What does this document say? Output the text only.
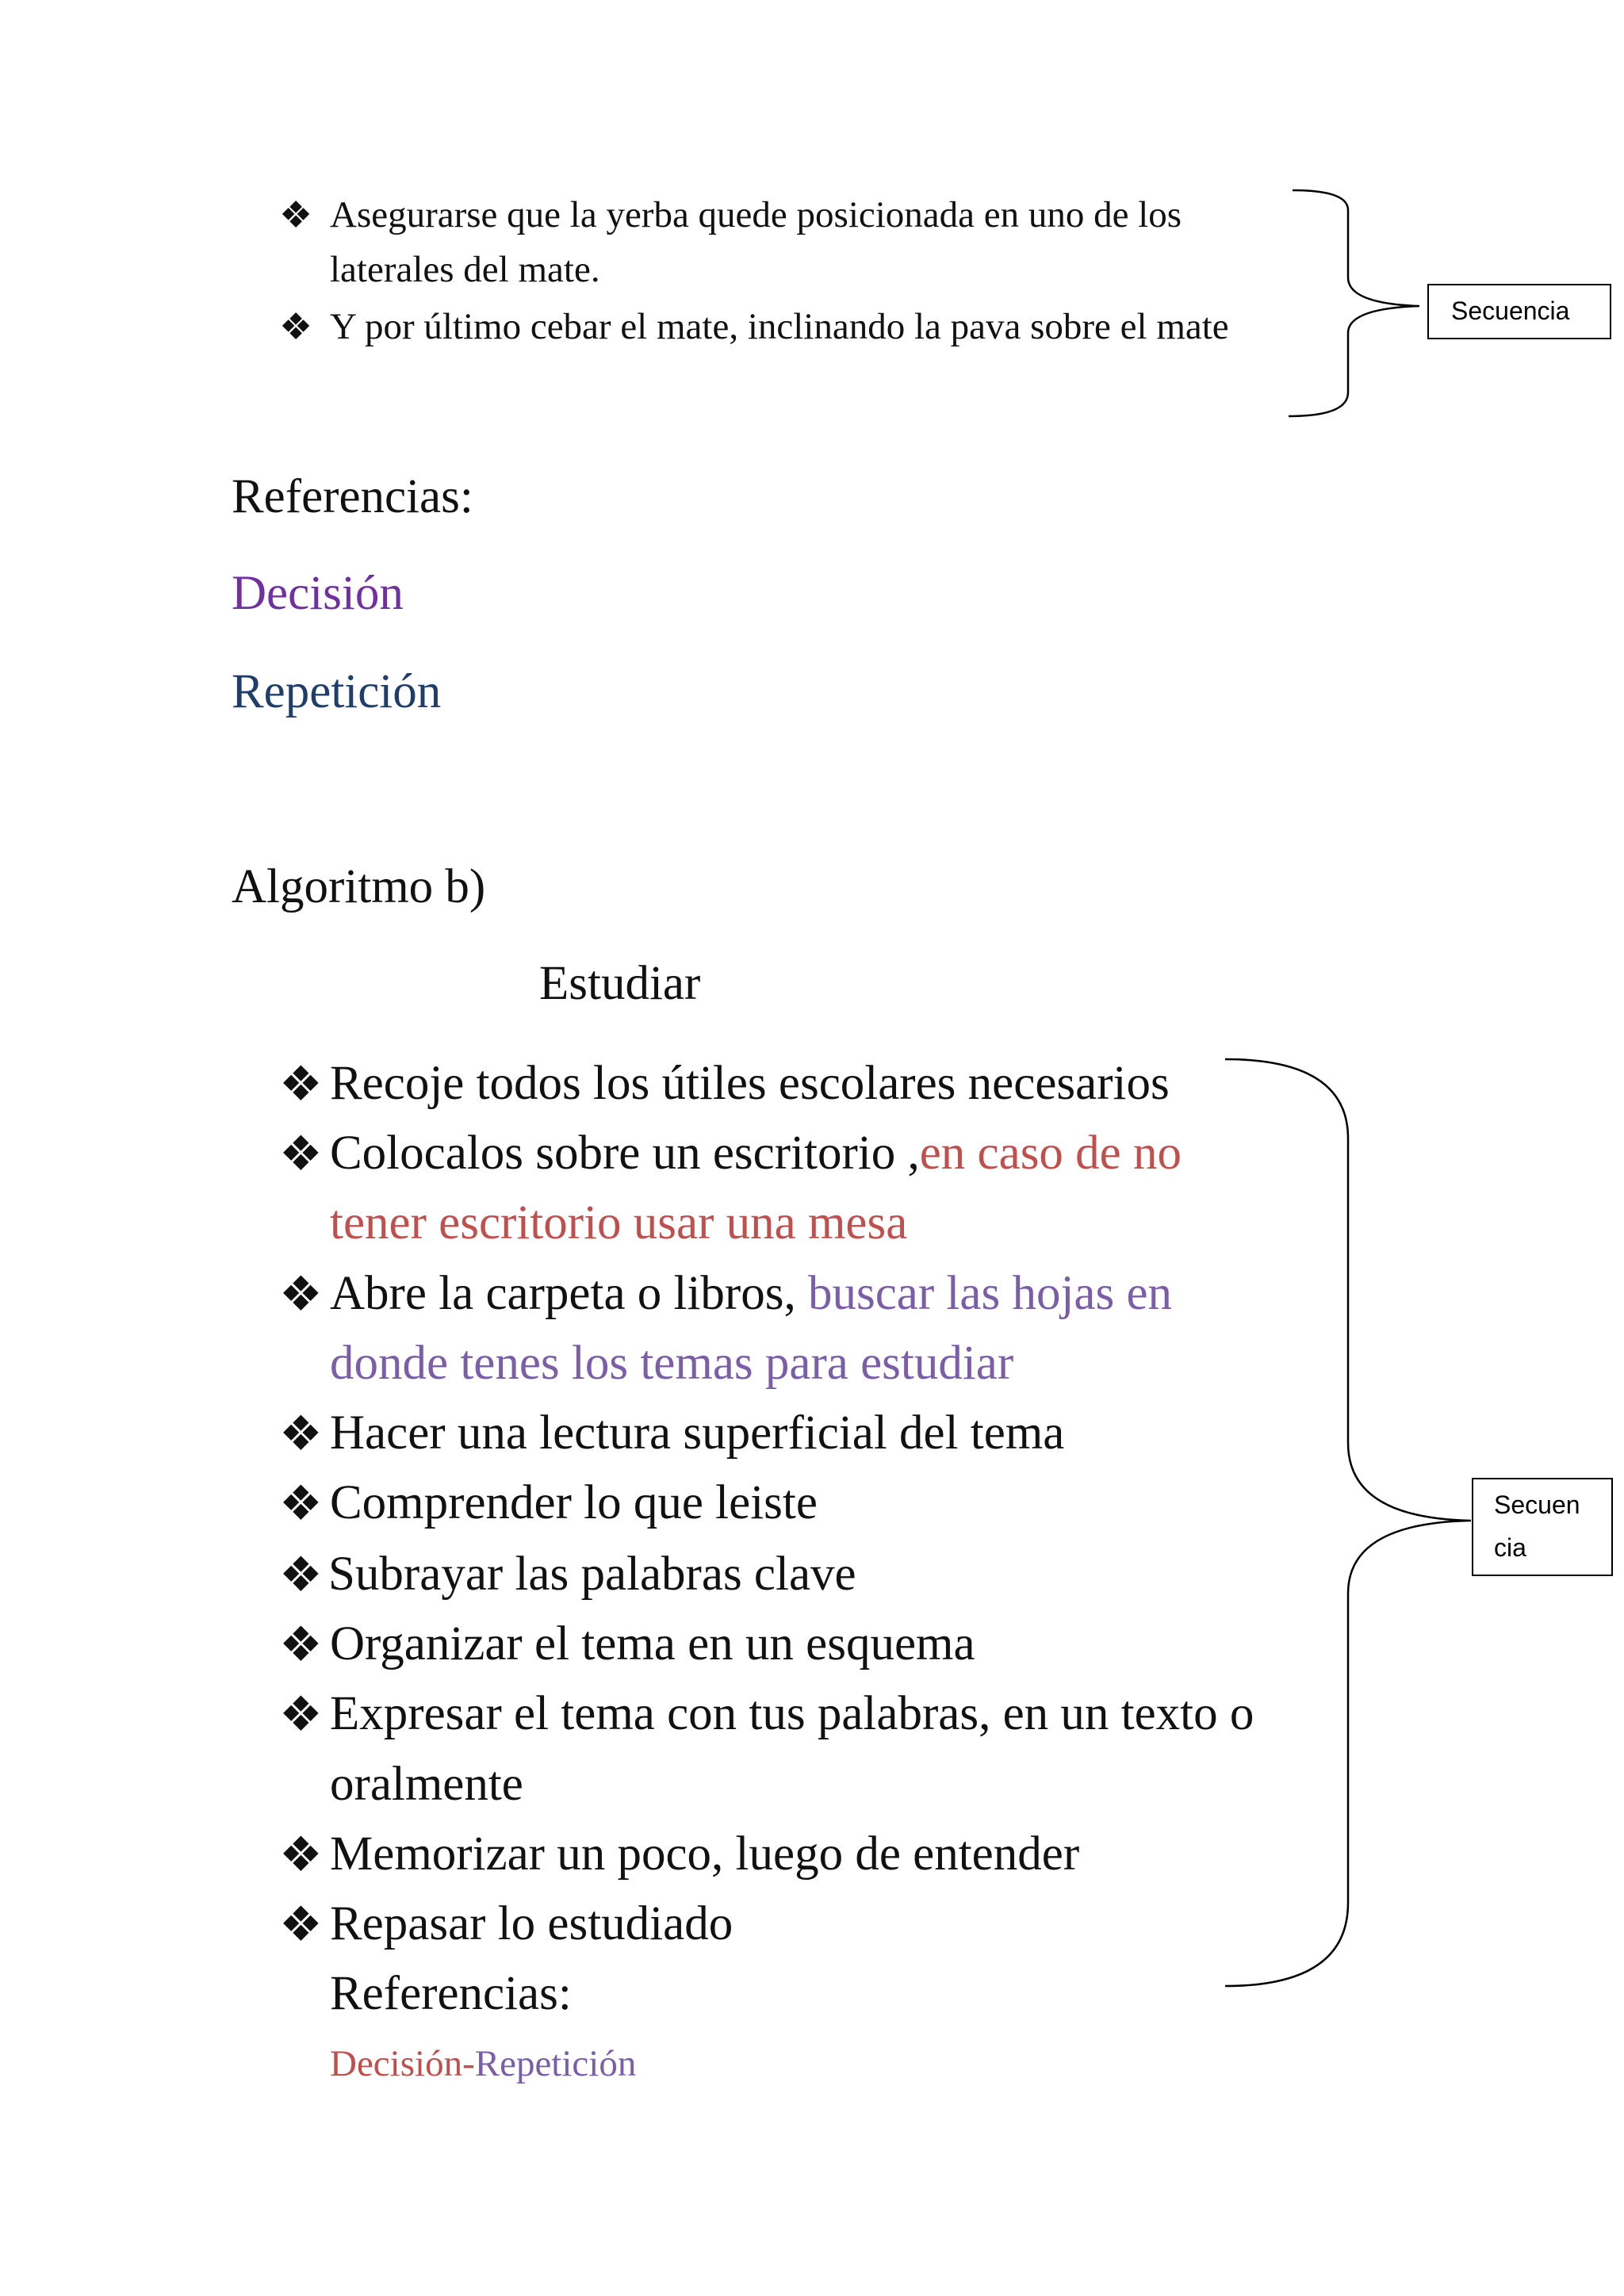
❖ Asegurarse que la yerba quede posicionada en uno de los
laterales del mate.
❖ Y por último cebar el mate, inclinando la pava sobre el mate	Secuencia
Referencias:
Decisión
Repetición
Algoritmo b)
Estudiar
❖ Recoje todos los útiles escolares necesarios
❖ Colocalos sobre un escritorio ,en caso de no
tener escritorio usar una mesa
❖ Abre la carpeta o libros, buscar las hojas en
donde tenes los temas para estudiar
❖ Hacer una lectura superficial del tema
❖ Comprender lo que leiste
❖ Subrayar las palabras clave
❖ Organizar el tema en un esquema
❖ Expresar el tema con tus palabras, en un texto o
oralmente
❖ Memorizar un poco, luego de entender
❖ Repasar lo estudiado
Referencias:
Decisión-Repetición
Secuen
cia
